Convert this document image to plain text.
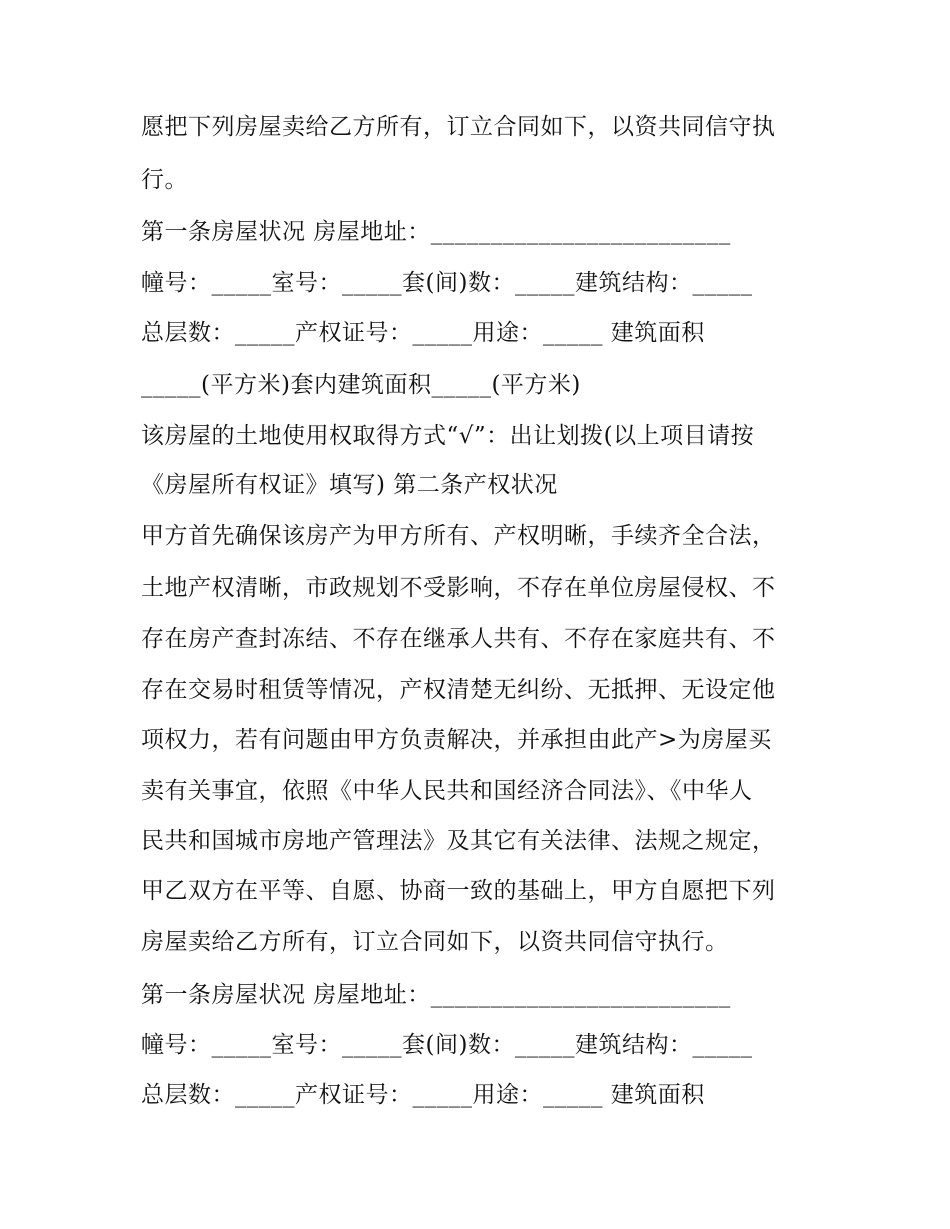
愿把下列房屋卖给乙方所有，订立合同如下，以资共同信守执
行。
第一条房屋状况 房屋地址：_________________________
幢号：_____室号：_____套(间)数：_____建筑结构：_____
总层数：_____产权证号：_____用途：_____ 建筑面积
_____(平方米)套内建筑面积_____(平方米)
该房屋的土地使用权取得方式“√”：出让划拨(以上项目请按
《房屋所有权证》填写) 第二条产权状况
甲方首先确保该房产为甲方所有、产权明晰，手续齐全合法，
土地产权清晰，市政规划不受影响，不存在单位房屋侵权、不
存在房产查封冻结、不存在继承人共有、不存在家庭共有、不
存在交易时租赁等情况，产权清楚无纠纷、无抵押、无设定他
项权力，若有问题由甲方负责解决，并承担由此产>为房屋买
卖有关事宜，依照《中华人民共和国经济合同法》、《中华人
民共和国城市房地产管理法》及其它有关法律、法规之规定，
甲乙双方在平等、自愿、协商一致的基础上，甲方自愿把下列
房屋卖给乙方所有，订立合同如下，以资共同信守执行。
第一条房屋状况 房屋地址：_________________________
幢号：_____室号：_____套(间)数：_____建筑结构：_____
总层数：_____产权证号：_____用途：_____ 建筑面积
